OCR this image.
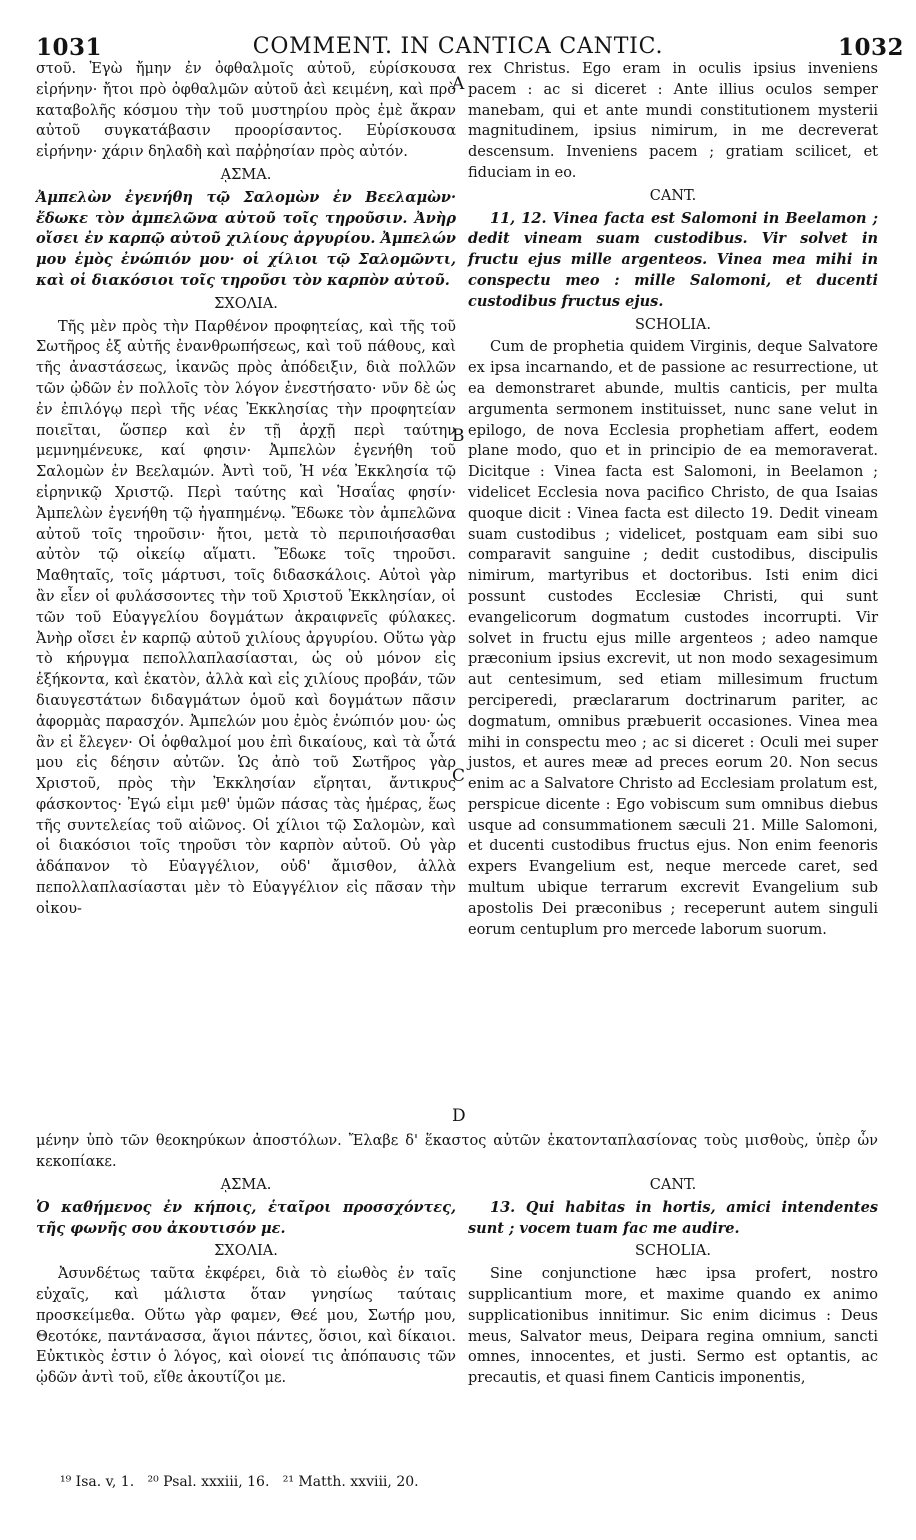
1031	COMMENT. IN CANTICA CANTIC.	1032

στοῦ. Ἐγὼ ἤμην ἐν ὀφθαλμοῖς αὐτοῦ, εὑρίσκουσα εἰρήνην· ἤτοι πρὸ ὀφθαλμῶν αὐτοῦ ἀεὶ κειμένη, καὶ πρὸ καταβολῆς κόσμου τὴν τοῦ μυστηρίου πρὸς ἐμὲ ἄκραν αὐτοῦ συγκατάβασιν προορίσαντος. Εὑρίσκουσα εἰρήνην· χάριν δηλαδὴ καὶ παῤῥησίαν πρὸς αὐτόν.

ᾼΣΜΑ.

Ἀμπελὼν ἐγενήθη τῷ Σαλομὼν ἐν Βεελαμὼν· ἔδωκε τὸν ἀμπελῶνα αὐτοῦ τοῖς τηροῦσιν. Ἀνὴρ οἴσει ἐν καρπῷ αὐτοῦ χιλίους ἀργυρίου. Ἀμπελών μου ἐμὸς ἐνώπιόν μου· οἱ χίλιοι τῷ Σαλομῶντι, καὶ οἱ διακόσιοι τοῖς τηροῦσι τὸν καρπὸν αὐτοῦ.

ΣΧΟΛΙΑ.

Τῆς μὲν πρὸς τὴν Παρθένον προφητείας, καὶ τῆς τοῦ Σωτῆρος ἐξ αὐτῆς ἐνανθρωπήσεως, καὶ τοῦ πάθους, καὶ τῆς ἀναστάσεως, ἱκανῶς πρὸς ἀπόδειξιν, διὰ πολλῶν τῶν ᾠδῶν ἐν πολλοῖς τὸν λόγον ἐνεστήσατο· νῦν δὲ ὡς ἐν ἐπιλόγῳ περὶ τῆς νέας Ἐκκλησίας τὴν προφητείαν ποιεῖται, ὥσπερ καὶ ἐν τῇ ἀρχῇ περὶ ταύτην μεμνημένευκε, καί φησιν· Ἀμπελὼν ἐγενήθη τοῦ Σαλομὼν ἐν Βεελαμών. Ἀντὶ τοῦ, Ἡ νέα Ἐκκλησία τῷ εἰρηνικῷ Χριστῷ. Περὶ ταύτης καὶ Ἡσαΐας φησίν· Ἀμπελὼν ἐγενήθη τῷ ἠγαπημένῳ. Ἔδωκε τὸν ἀμπελῶνα αὐτοῦ τοῖς τηροῦσιν· ἤτοι, μετὰ τὸ περιποιήσασθαι αὐτὸν τῷ οἰκείῳ αἵματι. Ἔδωκε τοῖς τηροῦσι. Μαθηταῖς, τοῖς μάρτυσι, τοῖς διδασκάλοις. Αὐτοὶ γὰρ ἂν εἶεν οἱ φυλάσσοντες τὴν τοῦ Χριστοῦ Ἐκκλησίαν, οἱ τῶν τοῦ Εὐαγγελίου δογμάτων ἀκραιφνεῖς φύλακες. Ἀνὴρ οἴσει ἐν καρπῷ αὐτοῦ χιλίους ἀργυρίου. Οὕτω γὰρ τὸ κήρυγμα πεπολλαπλασίασται, ὡς οὐ μόνον εἰς ἑξήκοντα, καὶ ἑκατὸν, ἀλλὰ καὶ εἰς χιλίους προβάν, τῶν διαυγεστάτων διδαγμάτων ὁμοῦ καὶ δογμάτων πᾶσιν ἀφορμὰς παρασχόν. Ἀμπελών μου ἐμὸς ἐνώπιόν μου· ὡς ἂν εἰ ἔλεγεν· Οἱ ὀφθαλμοί μου ἐπὶ δικαίους, καὶ τὰ ὦτά μου εἰς δέησιν αὐτῶν. Ὡς ἀπὸ τοῦ Σωτῆρος γὰρ Χριστοῦ, πρὸς τὴν Ἐκκλησίαν εἴρηται, ἄντικρυς φάσκοντος· Ἐγώ εἰμι μεθ' ὑμῶν πάσας τὰς ἡμέρας, ἕως τῆς συντελείας τοῦ αἰῶνος. Οἱ χίλιοι τῷ Σαλομὼν, καὶ οἱ διακόσιοι τοῖς τηροῦσι τὸν καρπὸν αὐτοῦ. Οὐ γὰρ ἀδάπανον τὸ Εὐαγγέλιον, οὐδ' ἄμισθον, ἀλλὰ πεπολλαπλασίασται μὲν τὸ Εὐαγγέλιον εἰς πᾶσαν τὴν οἰκου-

rex Christus. Ego eram in oculis ipsius inveniens pacem : ac si diceret : Ante illius oculos semper manebam, qui et ante mundi constitutionem mysterii magnitudinem, ipsius nimirum, in me decreverat descensum. Inveniens pacem ; gratiam scilicet, et fiduciam in eo.

CANT.

11, 12. Vinea facta est Salomoni in Beelamon ; dedit vineam suam custodibus. Vir solvet in fructu ejus mille argenteos. Vinea mea mihi in conspectu meo : mille Salomoni, et ducenti custodibus fructus ejus.

SCHOLIA.

Cum de prophetia quidem Virginis, deque Salvatore ex ipsa incarnando, et de passione ac resurrectione, ut ea demonstraret abunde, multis canticis, per multa argumenta sermonem instituisset, nunc sane velut in epilogo, de nova Ecclesia prophetiam affert, eodem plane modo, quo et in principio de ea memoraverat. Dicitque : Vinea facta est Salomoni, in Beelamon ; videlicet Ecclesia nova pacifico Christo, de qua Isaias quoque dicit : Vinea facta est dilecto 19. Dedit vineam suam custodibus ; videlicet, postquam eam sibi suo comparavit sanguine ; dedit custodibus, discipulis nimirum, martyribus et doctoribus. Isti enim dici possunt custodes Ecclesiæ Christi, qui sunt evangelicorum dogmatum custodes incorrupti. Vir solvet in fructu ejus mille argenteos ; adeo namque præconium ipsius excrevit, ut non modo sexagesimum aut centesimum, sed etiam millesimum fructum perciperedi, præclararum doctrinarum pariter, ac dogmatum, omnibus præbuerit occasiones. Vinea mea mihi in conspectu meo ; ac si diceret : Oculi mei super justos, et aures meæ ad preces eorum 20. Non secus enim ac a Salvatore Christo ad Ecclesiam prolatum est, perspicue dicente : Ego vobiscum sum omnibus diebus usque ad consummationem sæculi 21. Mille Salomoni, et ducenti custodibus fructus ejus. Non enim feenoris expers Evangelium est, neque mercede caret, sed multum ubique terrarum excrevit Evangelium sub apostolis Dei præconibus ; receperunt autem singuli eorum centuplum pro mercede laborum suorum.

μένην ὑπὸ τῶν θεοκηρύκων ἀποστόλων. Ἔλαβε δ' ἕκαστος αὐτῶν ἑκατονταπλασίονας τοὺς μισθοὺς, ὑπὲρ ὧν κεκοπίακε.

ᾼΣΜΑ.

Ὁ καθήμενος ἐν κήποις, ἑταῖροι προσσχόντες, τῆς φωνῆς σου ἀκουτισόν με.

ΣΧΟΛΙΑ.

Ἀσυνδέτως ταῦτα ἐκφέρει, διὰ τὸ εἰωθὸς ἐν ταῖς εὐχαῖς, καὶ μάλιστα ὅταν γνησίως ταύταις προσκείμεθα. Οὕτω γὰρ φαμεν, Θεέ μου, Σωτήρ μου, Θεοτόκε, παντάνασσα, ἅγιοι πάντες, ὅσιοι, καὶ δίκαιοι. Εὐκτικὸς ἐστιν ὁ λόγος, καὶ οἱονεί τις ἀπόπαυσις τῶν ᾠδῶν ἀντὶ τοῦ, εἴθε ἀκουτίζοι με.

CANT.

13. Qui habitas in hortis, amici intendentes sunt ; vocem tuam fac me audire.

SCHOLIA.

Sine conjunctione hæc ipsa profert, nostro supplicantium more, et maxime quando ex animo supplicationibus innitimur. Sic enim dicimus : Deus meus, Salvator meus, Deipara regina omnium, sancti omnes, innocentes, et justi. Sermo est optantis, ac precautis, et quasi finem Canticis imponentis,

A
B
C
D
¹⁹ Isa. v, 1.   ²⁰ Psal. xxxiii, 16.   ²¹ Matth. xxviii, 20.
